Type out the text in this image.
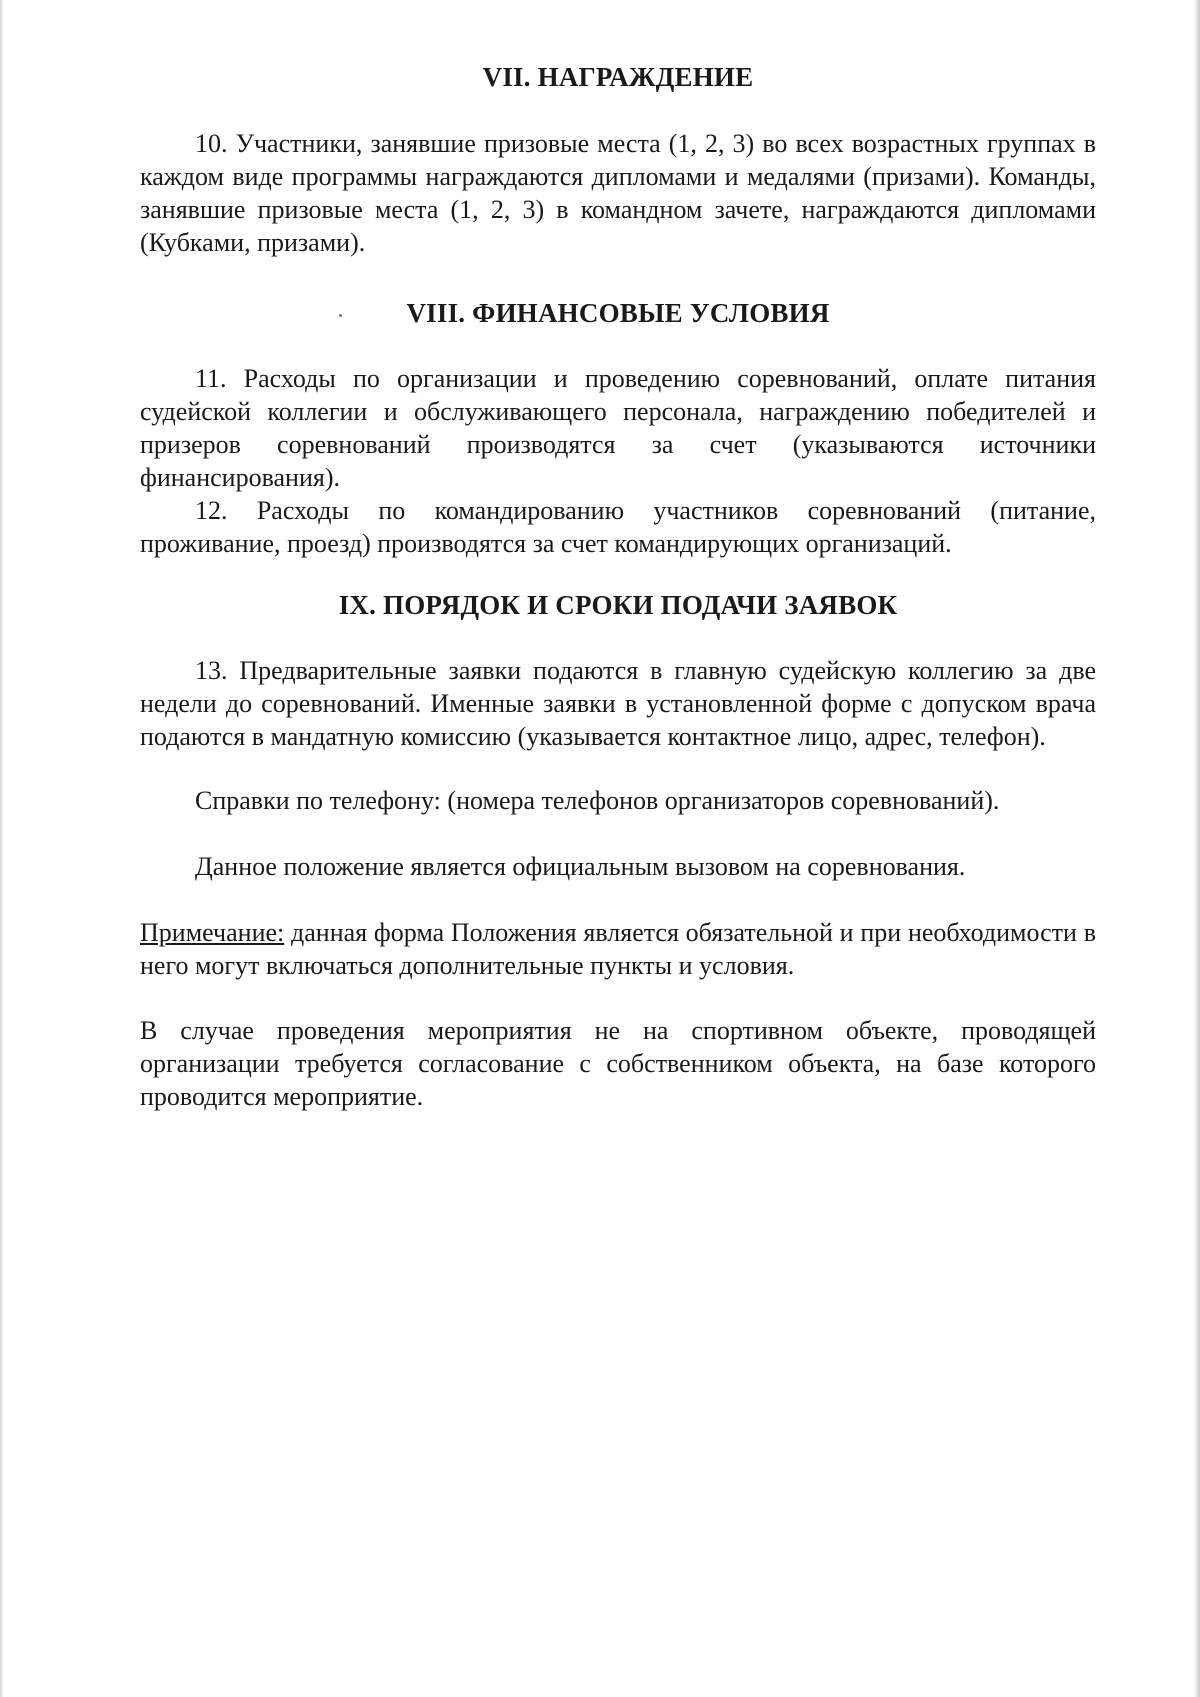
VII. НАГРАЖДЕНИЕ

10. Участники, занявшие призовые места (1, 2, 3) во всех возрастных группах в каждом виде программы награждаются дипломами и медалями (призами). Команды, занявшие призовые места (1, 2, 3) в командном зачете, награждаются дипломами (Кубками, призами).

VIII. ФИНАНСОВЫЕ УСЛОВИЯ

11. Расходы по организации и проведению соревнований, оплате питания судейской коллегии и обслуживающего персонала, награждению победителей и призеров соревнований производятся за счет (указываются источники финансирования).

12. Расходы по командированию участников соревнований (питание, проживание, проезд) производятся за счет командирующих организаций.

IX. ПОРЯДОК И СРОКИ ПОДАЧИ ЗАЯВОК

13. Предварительные заявки подаются в главную судейскую коллегию за две недели до соревнований. Именные заявки в установленной форме с допуском врача подаются в мандатную комиссию (указывается контактное лицо, адрес, телефон).

Справки по телефону: (номера телефонов организаторов соревнований).

Данное положение является официальным вызовом на соревнования.

Примечание: данная форма Положения является обязательной и при необходимости в него могут включаться дополнительные пункты и условия.

В случае проведения мероприятия не на спортивном объекте, проводящей организации требуется согласование с собственником объекта, на базе которого проводится мероприятие.
